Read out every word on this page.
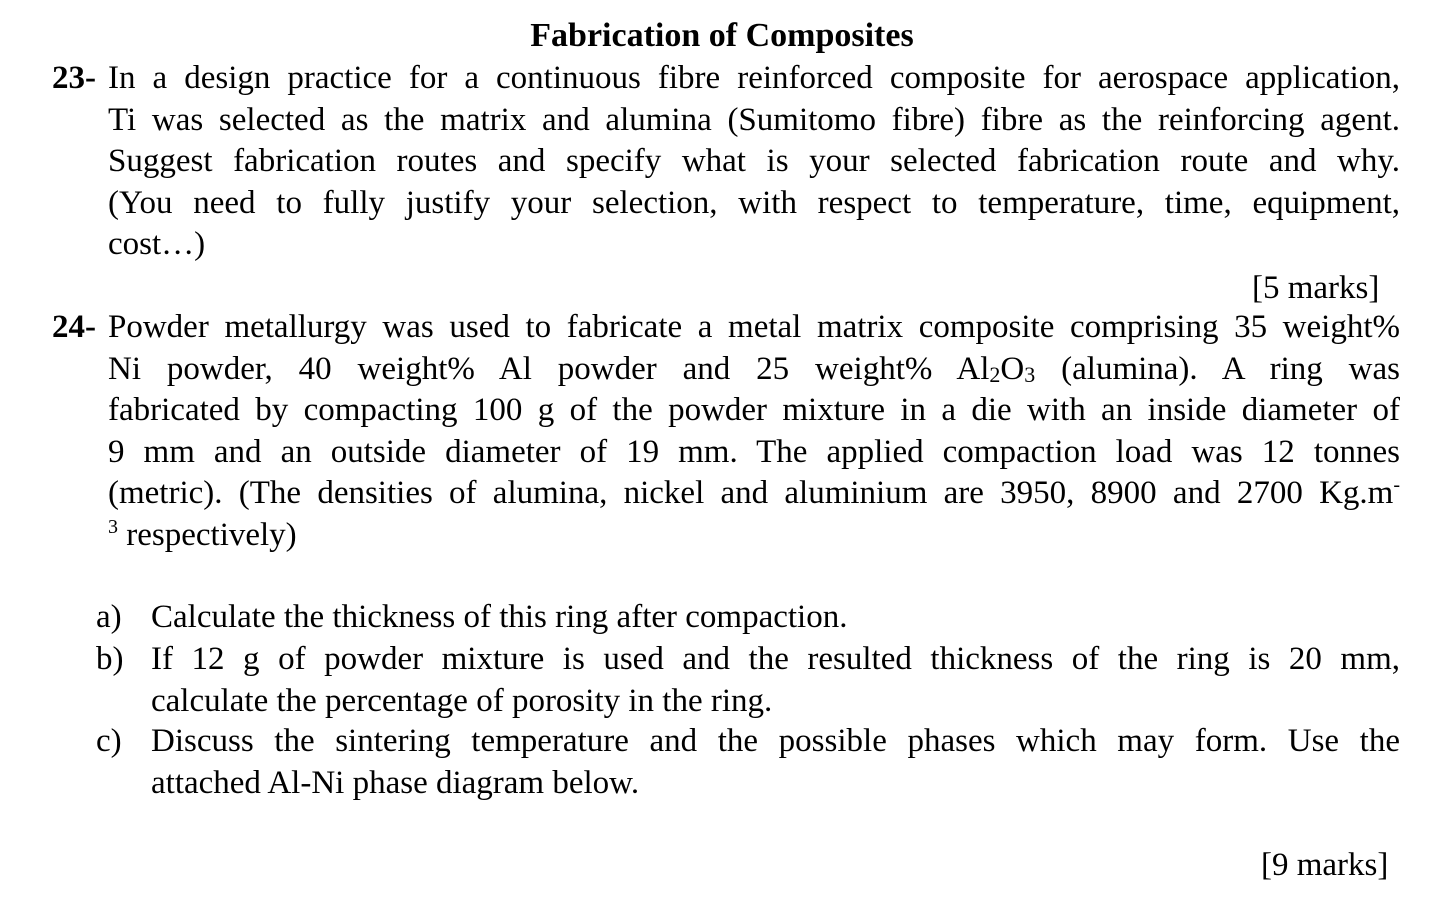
Fabrication of Composites
23- In a design practice for a continuous fibre reinforced composite for aerospace application,
Ti was selected as the matrix and alumina (Sumitomo fibre) fibre as the reinforcing agent.
Suggest fabrication routes and specify what is your selected fabrication route and why.
(You need to fully justify your selection, with respect to temperature, time, equipment,
cost…)
[5 marks]
24- Powder metallurgy was used to fabricate a metal matrix composite comprising 35 weight%
Ni powder, 40 weight% Al powder and 25 weight% $Al_2O_3$ (alumina). A ring was
fabricated by compacting 100 g of the powder mixture in a die with an inside diameter of
9 mm and an outside diameter of 19 mm. The applied compaction load was 12 tonnes
(metric). (The densities of alumina, nickel and aluminium are 3950, 8900 and 2700 Kg.m-
$^3$ respectively)
a) Calculate the thickness of this ring after compaction.
b) If 12 g of powder mixture is used and the resulted thickness of the ring is 20 mm,
calculate the percentage of porosity in the ring.
c) Discuss the sintering temperature and the possible phases which may form. Use the
attached Al-Ni phase diagram below.
[9 marks]
